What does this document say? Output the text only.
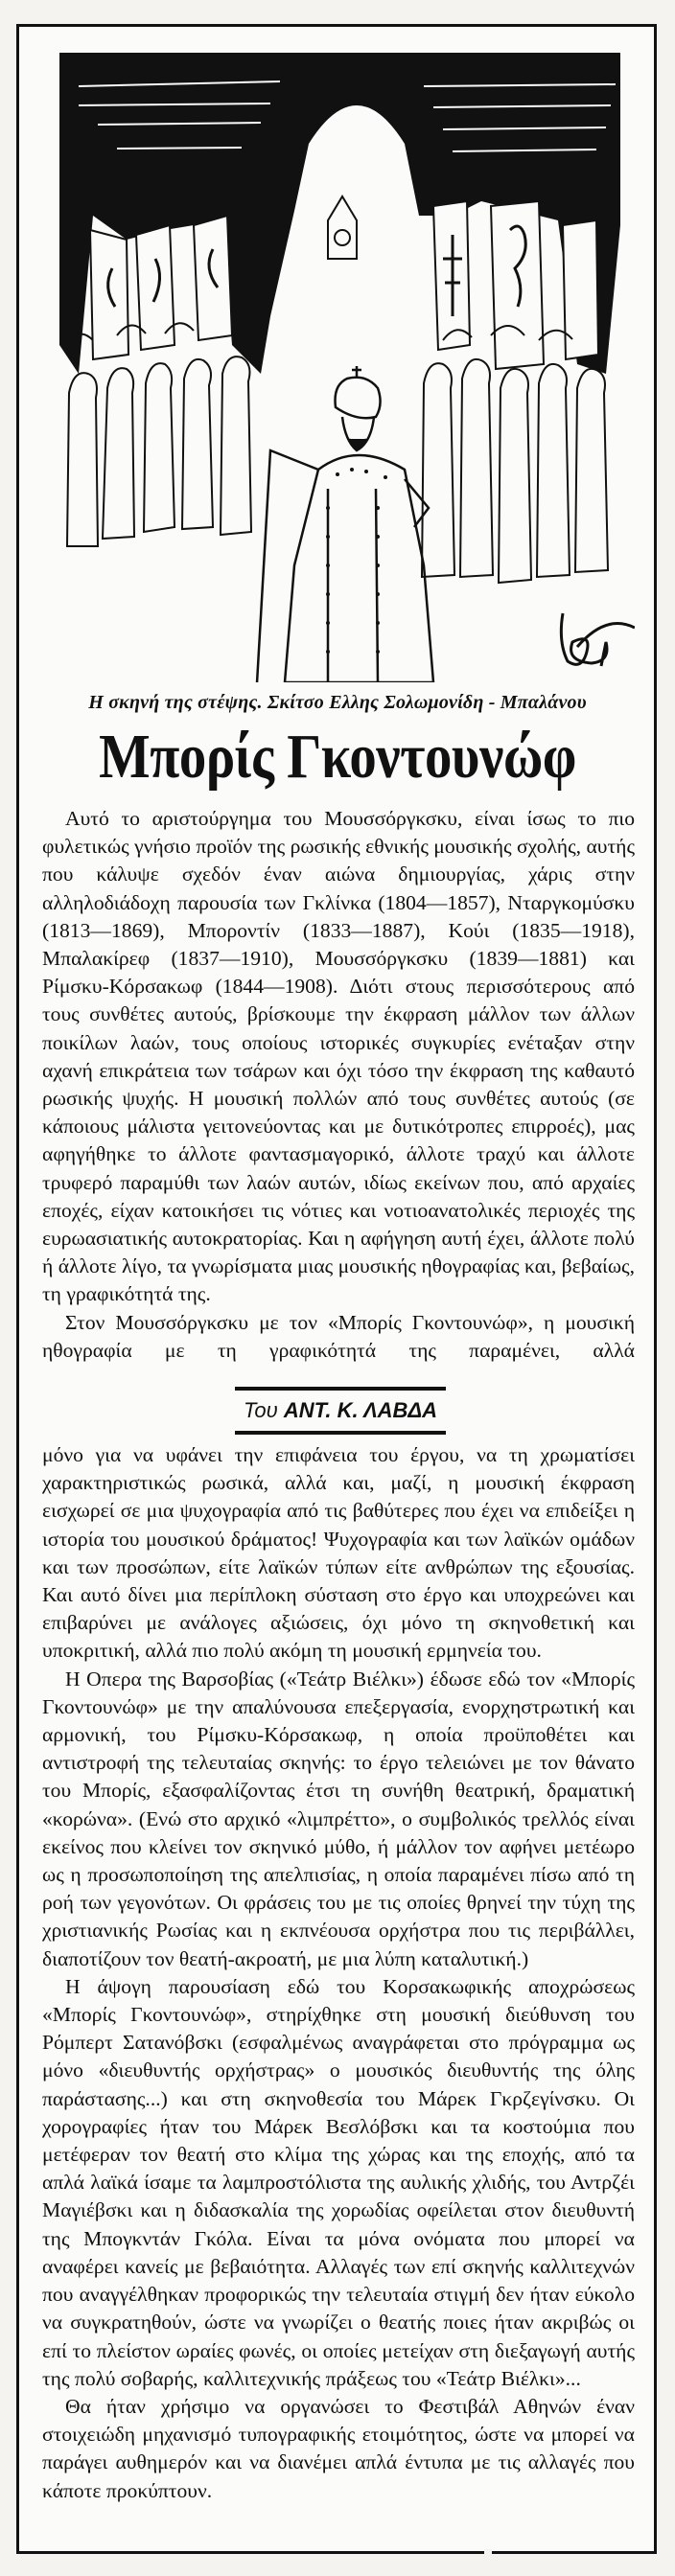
Η σκηνή της στέψης. Σκίτσο Ελλης Σολωμονίδη - Μπαλάνου
Μπορίς Γκοντουνώφ

Αυτό το αριστούργημα του Μουσσόργκσκυ, είναι ίσως το πιο φυλετικώς γνήσιο προϊόν της ρωσικής εθνικής μουσικής σχολής, αυτής που κάλυψε σχεδόν έναν αιώνα δημιουργίας, χάρις στην αλληλοδιάδοχη παρουσία των Γκλίνκα (1804—1857), Νταργκομύσκυ (1813—1869), Μποροντίν (1833—1887), Κούι (1835—1918), Μπαλακίρεφ (1837—1910), Μουσσόργκσκυ (1839—1881) και Ρίμσκυ-Κόρσακωφ (1844—1908). Διότι στους περισσότερους από τους συνθέτες αυτούς, βρίσκουμε την έκφραση μάλλον των άλλων ποικίλων λαών, τους οποίους ιστορικές συγκυρίες ενέταξαν στην αχανή επικράτεια των τσάρων και όχι τόσο την έκφραση της καθαυτό ρωσικής ψυχής. Η μουσική πολλών από τους συνθέτες αυτούς (σε κάποιους μάλιστα γειτονεύοντας και με δυτικότροπες επιρροές), μας αφηγήθηκε το άλλοτε φαντασμαγορικό, άλλοτε τραχύ και άλλοτε τρυφερό παραμύθι των λαών αυτών, ιδίως εκείνων που, από αρχαίες εποχές, είχαν κατοικήσει τις νότιες και νοτιοανατολικές περιοχές της ευρωασιατικής αυτοκρατορίας. Και η αφήγηση αυτή έχει, άλλοτε πολύ ή άλλοτε λίγο, τα γνωρίσματα μιας μουσικής ηθογραφίας και, βεβαίως, τη γραφικότητά της.

Στον Μουσσόργκσκυ με τον «Μπορίς Γκοντουνώφ», η μουσική ηθογραφία με τη γραφικότητά της παραμένει, αλλά

Του ΑΝΤ. Κ. ΛΑΒΔΑ

μόνο για να υφάνει την επιφάνεια του έργου, να τη χρωματίσει χαρακτηριστικώς ρωσικά, αλλά και, μαζί, η μουσική έκφραση εισχωρεί σε μια ψυχογραφία από τις βαθύτερες που έχει να επιδείξει η ιστορία του μουσικού δράματος! Ψυχογραφία και των λαϊκών ομάδων και των προσώπων, είτε λαϊκών τύπων είτε ανθρώπων της εξουσίας. Και αυτό δίνει μια περίπλοκη σύσταση στο έργο και υποχρεώνει και επιβαρύνει με ανάλογες αξιώσεις, όχι μόνο τη σκηνοθετική και υποκριτική, αλλά πιο πολύ ακόμη τη μουσική ερμηνεία του.

Η Οπερα της Βαρσοβίας («Τεάτρ Βιέλκι») έδωσε εδώ τον «Μπορίς Γκοντουνώφ» με την απαλύνουσα επεξεργασία, ενορχηστρωτική και αρμονική, του Ρίμσκυ-Κόρσακωφ, η οποία προϋποθέτει και αντιστροφή της τελευταίας σκηνής: το έργο τελειώνει με τον θάνατο του Μπορίς, εξασφαλίζοντας έτσι τη συνήθη θεατρική, δραματική «κορώνα». (Ενώ στο αρχικό «λιμπρέττο», ο συμβολικός τρελλός είναι εκείνος που κλείνει τον σκηνικό μύθο, ή μάλλον τον αφήνει μετέωρο ως η προσωποποίηση της απελπισίας, η οποία παραμένει πίσω από τη ροή των γεγονότων. Οι φράσεις του με τις οποίες θρηνεί την τύχη της χριστιανικής Ρωσίας και η εκπνέουσα ορχήστρα που τις περιβάλλει, διαποτίζουν τον θεατή-ακροατή, με μια λύπη καταλυτική.)

Η άψογη παρουσίαση εδώ του Κορσακωφικής αποχρώσεως «Μπορίς Γκοντουνώφ», στηρίχθηκε στη μουσική διεύθυνση του Ρόμπερτ Σατανόβσκι (εσφαλμένως αναγράφεται στο πρόγραμμα ως μόνο «διευθυντής ορχήστρας» ο μουσικός διευθυντής της όλης παράστασης...) και στη σκηνοθεσία του Μάρεκ Γκρζεγίνσκυ. Οι χορογραφίες ήταν του Μάρεκ Βεσλόβσκι και τα κοστούμια που μετέφεραν τον θεατή στο κλίμα της χώρας και της εποχής, από τα απλά λαϊκά ίσαμε τα λαμπροστόλιστα της αυλικής χλιδής, του Αντρζέι Μαγιέβσκι και η διδασκαλία της χορωδίας οφείλεται στον διευθυντή της Μπογκντάν Γκόλα. Είναι τα μόνα ονόματα που μπορεί να αναφέρει κανείς με βεβαιότητα. Αλλαγές των επί σκηνής καλλιτεχνών που αναγγέλθηκαν προφορικώς την τελευταία στιγμή δεν ήταν εύκολο να συγκρατηθούν, ώστε να γνωρίζει ο θεατής ποιες ήταν ακριβώς οι επί το πλείστον ωραίες φωνές, οι οποίες μετείχαν στη διεξαγωγή αυτής της πολύ σοβαρής, καλλιτεχνικής πράξεως του «Τεάτρ Βιέλκι»...

Θα ήταν χρήσιμο να οργανώσει το Φεστιβάλ Αθηνών έναν στοιχειώδη μηχανισμό τυπογραφικής ετοιμότητος, ώστε να μπορεί να παράγει αυθημερόν και να διανέμει απλά έντυπα με τις αλλαγές που κάποτε προκύπτουν.
